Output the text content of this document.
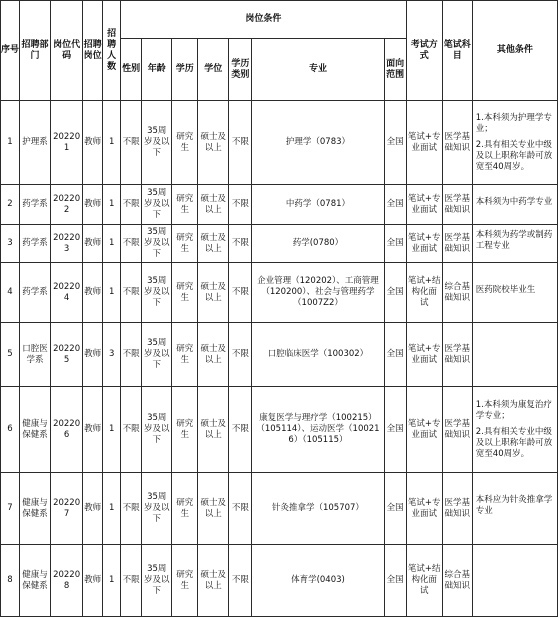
序号	招聘部门	岗位代码	招聘岗位	招聘人数	岗位条件							考试方式	笔试科目	其他条件
					性别	年龄	学历	学位	学历类别	专业	面向范围			
1	护理系	202201	教师	1	不限	35周岁及以下	研究生	硕士及以上	不限	护理学（0783）	全国	笔试+专业面试	医学基础知识	1.本科须为护理学专业；
2.具有相关专业中级及以上职称年龄可放宽至40周岁。

2	药学系	202202	教师	1	不限	35周岁及以下	研究生	硕士及以上	不限	中药学（0781）	全国	笔试+专业面试	医学基础知识	本科须为中药学专业

3	药学系	202203	教师	1	不限	35周岁及以下	研究生	硕士及以上	不限	药学(0780）	全国	笔试+专业面试	医学基础知识	本科须为药学或制药工程专业

4	药学系	202204	教师	1	不限	35周岁及以下	研究生	硕士及以上	不限	企业管理（120202）、工商管理（120200）、社会与管理药学（1007Z2）	全国	笔试+结构化面试	综合基础知识	医药院校毕业生

5	口腔医学系	202205	教师	3	不限	35周岁及以下	研究生	硕士及以上	不限	口腔临床医学（100302）	全国	笔试+专业面试	医学基础知识	

6	健康与保健系	202206	教师	1	不限	35周岁及以下	研究生	硕士及以上	不限	康复医学与理疗学（100215）（105114）、运动医学（100216）（105115）	全国	笔试+专业面试	医学基础知识	1.本科须为康复治疗学专业；
2.具有相关专业中级及以上职称年龄可放宽至40周岁。

7	健康与保健系	202207	教师	1	不限	35周岁及以下	研究生	硕士及以上	不限	针灸推拿学（105707）	全国	笔试+专业面试	医学基础知识	本科应为针灸推拿学专业

8	健康与保健系	202208	教师	1	不限	35周岁及以下	研究生	硕士及以上	不限	体育学(0403)	全国	笔试+结构化面试	综合基础知识	
